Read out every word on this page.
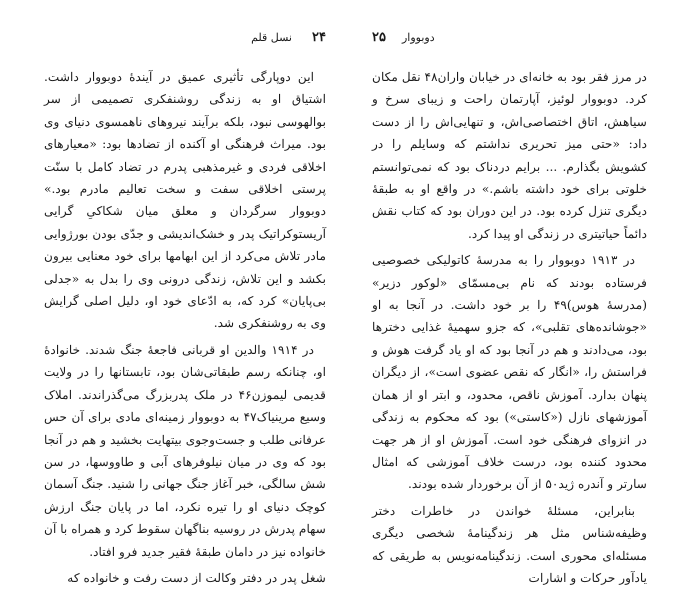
۲۴
نسل قلم

این دوپارگی تأثیری عمیق در آیندهٔ دوبووار داشت. اشتیاق او به زندگی روشنفکری تصمیمی از سر بوالهوسی نبود، بلکه برآیند نیروهای ناهمسوی دنیای وی بود. میراث فرهنگی او آکنده از تضادها بود: «معیارهای اخلاقی فردی و غیرمذهبی پدرم در تضاد کامل با سنّت پرستی اخلاقی سفت و سخت تعالیم مادرم بود.» دوبووار سرگردان و معلق میان شکاکیِ گرایی آریستوکراتیک پدر و خشک‌اندیشی و جدّی بودن بورژوایی مادر تلاش می‌کرد از این ابهامها برای خود معنایی بیرون بکشد و این تلاش، زندگی درونی وی را بدل به «جدلی بی‌پایان» کرد که، به ادّعای خود او، دلیل اصلی گرایش وی به روشنفکری شد.

در ۱۹۱۴ والدین او قربانی فاجعهٔ جنگ شدند. خانوادهٔ او، چنانکه رسم طبقاتی‌شان بود، تابستانها را در ولایت قدیمی لیموزن۴۶ در ملک پدربزرگ می‌گذراندند. املاک وسیع مرینیاک۴۷ به دوبووار زمینه‌ای مادی برای آن حس عرفانی طلب و جست‌وجوی بیتهایت بخشید و هم در آنجا بود که وی در میان نیلوفرهای آبی و طاووسها، در سن شش سالگی، خبر آغاز جنگ جهانی را شنید. جنگ آسمان کوچک دنیای او را تیره نکرد، اما در پایان جنگ ارزش سهام پدرش در روسیه بناگهان سقوط کرد و همراه با آن خانواده نیز در دامان طبقهٔ فقیر جدید فرو افتاد.

شغل پدر در دفتر وکالت از دست رفت و خانواده که

دوبووار
۲۵

در مرز فقر بود به خانه‌ای در خیابان واران۴۸ نقل مکان کرد. دوبووار لوئیز، آپارتمان راحت و زیبای سرخ و سیاهش، اتاق اختصاصی‌اش، و تنهایی‌اش را از دست داد: «حتی میز تحریری نداشتم که وسایلم را در کشویش بگذارم. ... برایم دردناک بود که نمی‌توانستم خلوتی برای خود داشته باشم.» در واقع او به طبقهٔ دیگری تنزل کرده بود. در این دوران بود که کتاب نقش دائماً حیاتیتری در زندگی او پیدا کرد.

در ۱۹۱۳ دوبووار را به مدرسهٔ کاتولیکی خصوصیی فرستاده بودند که نام بی‌مسمّای «لوکور دزیر» (مدرسهٔ هوس)۴۹ را بر خود داشت. در آنجا به او «جوشانده‌های تقلبی»، که جزو سهمیهٔ غذایی دخترها بود، می‌دادند و هم در آنجا بود که او یاد گرفت هوش و فراستش را، «انگار که نقص عضوی است»، از دیگران پنهان بدارد. آموزش ناقص، محدود، و ابتر او از همان آموزشهای نازل («کاستی») بود که محکوم به زندگی در انزوای فرهنگی خود است. آموزش او از هر جهت محدود کننده بود، درست خلاف آموزشی که امثال سارتر و آندره ژید۵۰ از آن برخوردار شده بودند.

بنابراین، مسئلهٔ خواندن در خاطرات دختر وظیفه‌شناس مثل هر زندگینامهٔ شخصی دیگری مسئله‌ای محوری است. زندگینامه‌نویس به طریقی که یادآور حرکات و اشارات
